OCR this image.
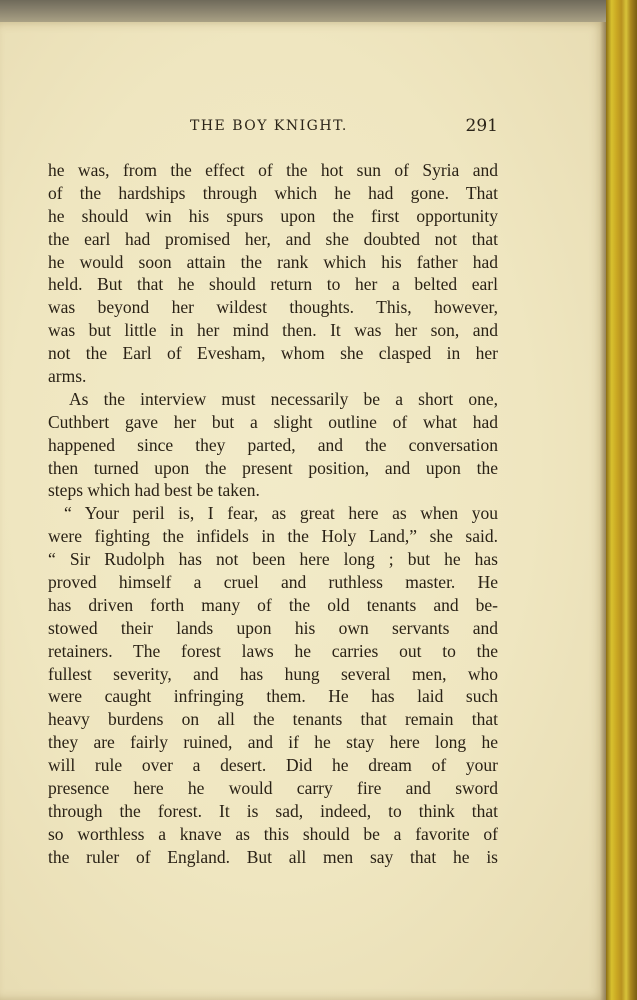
THE BOY KNIGHT.	291
he was, from the effect of the hot sun of Syria and
of the hardships through which he had gone. That
he should win his spurs upon the first opportunity
the earl had promised her, and she doubted not that
he would soon attain the rank which his father had
held. But that he should return to her a belted earl
was beyond her wildest thoughts. This, however,
was but little in her mind then. It was her son, and
not the Earl of Evesham, whom she clasped in her
arms.
As the interview must necessarily be a short one,
Cuthbert gave her but a slight outline of what had
happened since they parted, and the conversation
then turned upon the present position, and upon the
steps which had best be taken.
“ Your peril is, I fear, as great here as when you
were fighting the infidels in the Holy Land,” she said.
“ Sir Rudolph has not been here long ; but he has
proved himself a cruel and ruthless master. He
has driven forth many of the old tenants and be-
stowed their lands upon his own servants and
retainers. The forest laws he carries out to the
fullest severity, and has hung several men, who
were caught infringing them. He has laid such
heavy burdens on all the tenants that remain that
they are fairly ruined, and if he stay here long he
will rule over a desert. Did he dream of your
presence here he would carry fire and sword
through the forest. It is sad, indeed, to think that
so worthless a knave as this should be a favorite of
the ruler of England. But all men say that he is
